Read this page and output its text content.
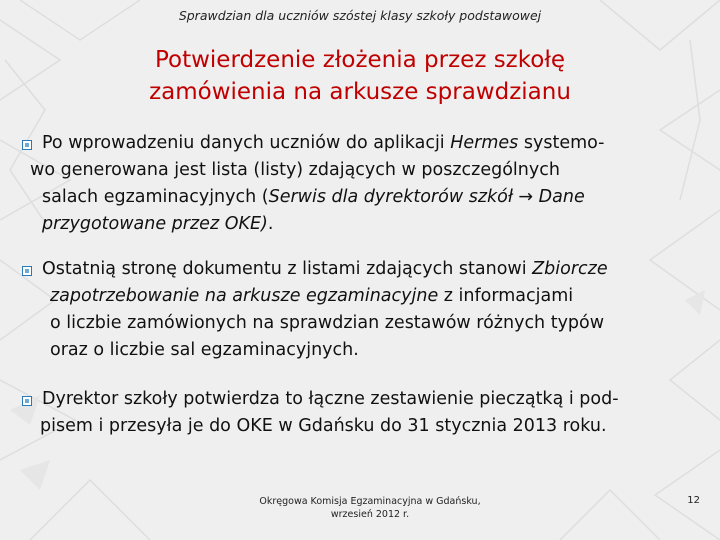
Sprawdzian dla uczniów szóstej klasy szkoły podstawowej
Potwierdzenie złożenia przez szkołę
zamówienia na arkusze sprawdzianu
Po wprowadzeniu danych uczniów do aplikacji Hermes systemo-
wo generowana jest lista (listy) zdających w poszczególnych
salach egzaminacyjnych (Serwis dla dyrektorów szkół → Dane
przygotowane przez OKE).
Ostatnią stronę dokumentu z listami zdających stanowi Zbiorcze
zapotrzebowanie na arkusze egzaminacyjne z informacjami
o liczbie zamówionych na sprawdzian zestawów różnych typów
oraz o liczbie sal egzaminacyjnych.
Dyrektor szkoły potwierdza to łączne zestawienie pieczątką i pod-
pisem i przesyła je do OKE w Gdańsku do 31 stycznia 2013 roku.
Okręgowa Komisja Egzaminacyjna w Gdańsku,
wrzesień 2012 r.
12
